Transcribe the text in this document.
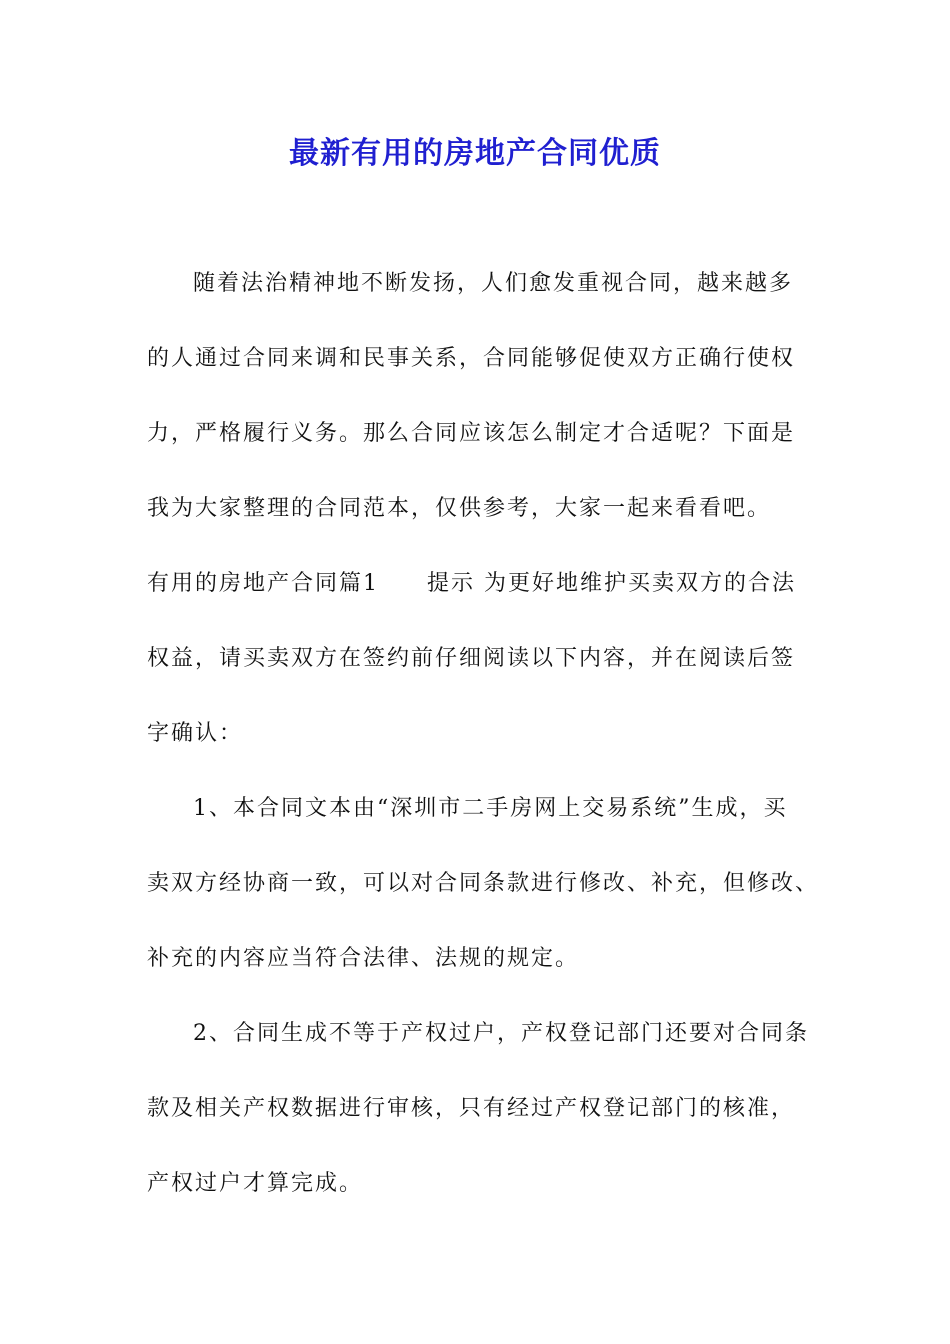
最新有用的房地产合同优质
随着法治精神地不断发扬，人们愈发重视合同，越来越多
的人通过合同来调和民事关系，合同能够促使双方正确行使权
力，严格履行义务。那么合同应该怎么制定才合适呢？下面是
我为大家整理的合同范本，仅供参考，大家一起来看看吧。
有用的房地产合同篇1　　提示 为更好地维护买卖双方的合法
权益，请买卖双方在签约前仔细阅读以下内容，并在阅读后签
字确认：
1、本合同文本由“深圳市二手房网上交易系统”生成，买
卖双方经协商一致，可以对合同条款进行修改、补充，但修改、
补充的内容应当符合法律、法规的规定。
2、合同生成不等于产权过户，产权登记部门还要对合同条
款及相关产权数据进行审核，只有经过产权登记部门的核准，
产权过户才算完成。
